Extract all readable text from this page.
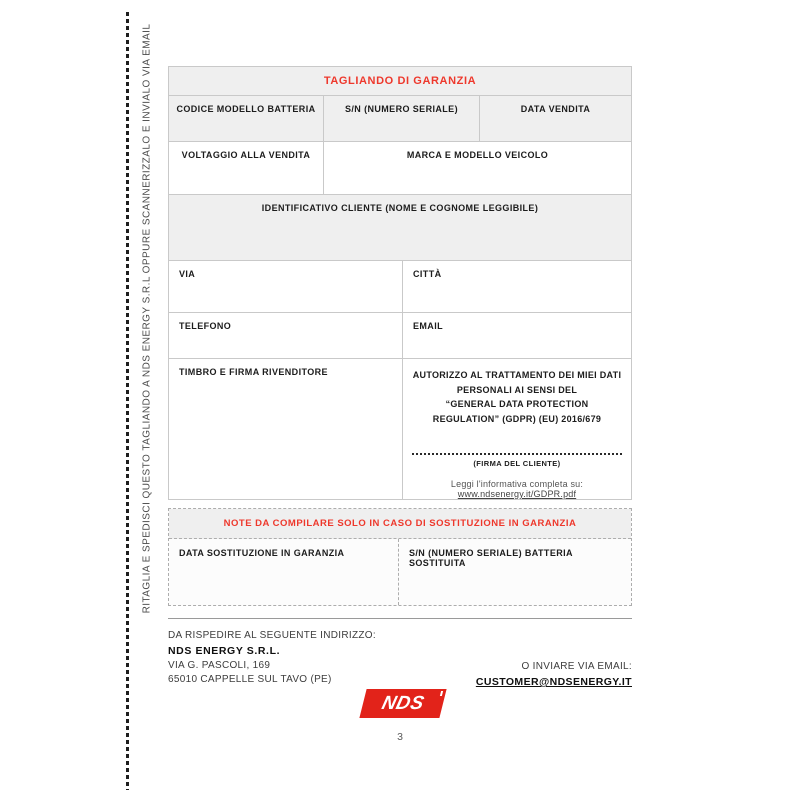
RITAGLIA E SPEDISCI QUESTO TAGLIANDO A NDS ENERGY S.R.L OPPURE SCANNERIZZALO E INVIALO VIA EMAIL	TAGLIANDO DI GARANZIA
CODICE MODELLO BATTERIA	S/N (NUMERO SERIALE)	DATA VENDITA
VOLTAGGIO ALLA VENDITA	MARCA E MODELLO VEICOLO
IDENTIFICATIVO CLIENTE (NOME E COGNOME LEGGIBILE)
VIA	CITTÀ
TELEFONO	EMAIL
TIMBRO E FIRMA RIVENDITORE	AUTORIZZO AL TRATTAMENTO DEI MIEI DATI
PERSONALI AI SENSI DEL
“GENERAL DATA PROTECTION
REGULATION” (GDPR) (EU) 2016/679
(FIRMA DEL CLIENTE)
Leggi l'informativa completa su:
www.ndsenergy.it/GDPR.pdf
NOTE DA COMPILARE SOLO IN CASO DI SOSTITUZIONE IN GARANZIA
DATA SOSTITUZIONE IN GARANZIA	S/N (NUMERO SERIALE) BATTERIA SOSTITUITA
DA RISPEDIRE AL SEGUENTE INDIRIZZO:
NDS ENERGY S.R.L.
VIA G. PASCOLI, 169
65010 CAPPELLE SUL TAVO (PE)
O INVIARE VIA EMAIL:
CUSTOMER@NDSENERGY.IT
NDS
3
